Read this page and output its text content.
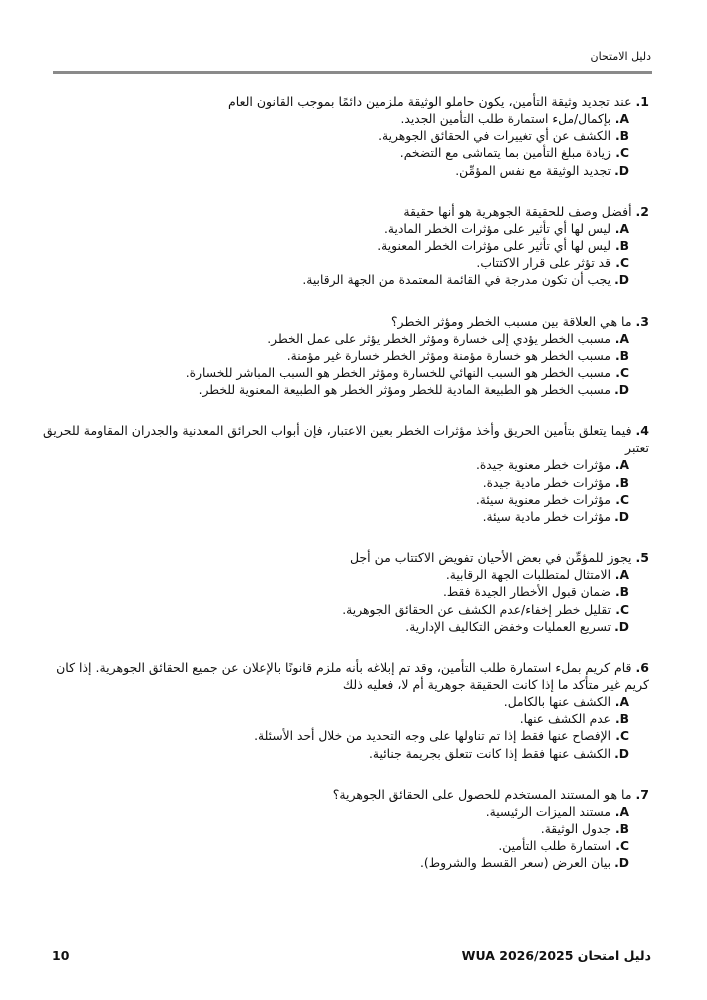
دليل الامتحان
1.عند تجديد وثيقة التأمين، يكون حاملو الوثيقة ملزمين دائمًا بموجب القانون العام
A.
بإكمال/ملء استمارة طلب التأمين الجديد.
B.
الكشف عن أي تغييرات في الحقائق الجوهرية.
C.
زيادة مبلغ التأمين بما يتماشى مع التضخم.
D.
تجديد الوثيقة مع نفس المؤمِّن.
2.أفضل وصف للحقيقة الجوهرية هو أنها حقيقة
A.
ليس لها أي تأثير على مؤثرات الخطر المادية.
B.
ليس لها أي تأثير على مؤثرات الخطر المعنوية.
C.
قد تؤثر على قرار الاكتتاب.
D.
يجب أن تكون مدرجة في القائمة المعتمدة من الجهة الرقابية.
3.ما هي العلاقة بين مسبب الخطر ومؤثر الخطر؟
A.
مسبب الخطر يؤدي إلى خسارة ومؤثر الخطر يؤثر على عمل الخطر.
B.
مسبب الخطر هو خسارة مؤمنة ومؤثر الخطر خسارة غير مؤمنة.
C.
مسبب الخطر هو السبب النهائي للخسارة ومؤثر الخطر هو السبب المباشر للخسارة.
D.
مسبب الخطر هو الطبيعة المادية للخطر ومؤثر الخطر هو الطبيعة المعنوية للخطر.
4.فيما يتعلق بتأمين الحريق وأخذ مؤثرات الخطر بعين الاعتبار، فإن أبواب الحرائق المعدنية والجدران المقاومة للحريق تعتبر
A.
مؤثرات خطر معنوية جيدة.
B.
مؤثرات خطر مادية جيدة.
C.
مؤثرات خطر معنوية سيئة.
D.
مؤثرات خطر مادية سيئة.
5.يجوز للمؤمِّن في بعض الأحيان تفويض الاكتتاب من أجل
A.
الامتثال لمتطلبات الجهة الرقابية.
B.
ضمان قبول الأخطار الجيدة فقط.
C.
تقليل خطر إخفاء/عدم الكشف عن الحقائق الجوهرية.
D.
تسريع العمليات وخفض التكاليف الإدارية.
6.قام كريم بملء استمارة طلب التأمين، وقد تم إبلاغه بأنه ملزم قانونًا بالإعلان عن جميع الحقائق الجوهرية. إذا كان كريم غير متأكد ما إذا كانت الحقيقة جوهرية أم لا، فعليه ذلك
A.
الكشف عنها بالكامل.
B.
عدم الكشف عنها.
C.
الإفصاح عنها فقط إذا تم تناولها على وجه التحديد من خلال أحد الأسئلة.
D.
الكشف عنها فقط إذا كانت تتعلق بجريمة جنائية.
7.ما هو المستند المستخدم للحصول على الحقائق الجوهرية؟
A.
مستند الميزات الرئيسية.
B.
جدول الوثيقة.
C.
استمارة طلب التأمين.
D.
بيان العرض (سعر القسط والشروط).
10	دليل امتحان 2026/2025 WUA
